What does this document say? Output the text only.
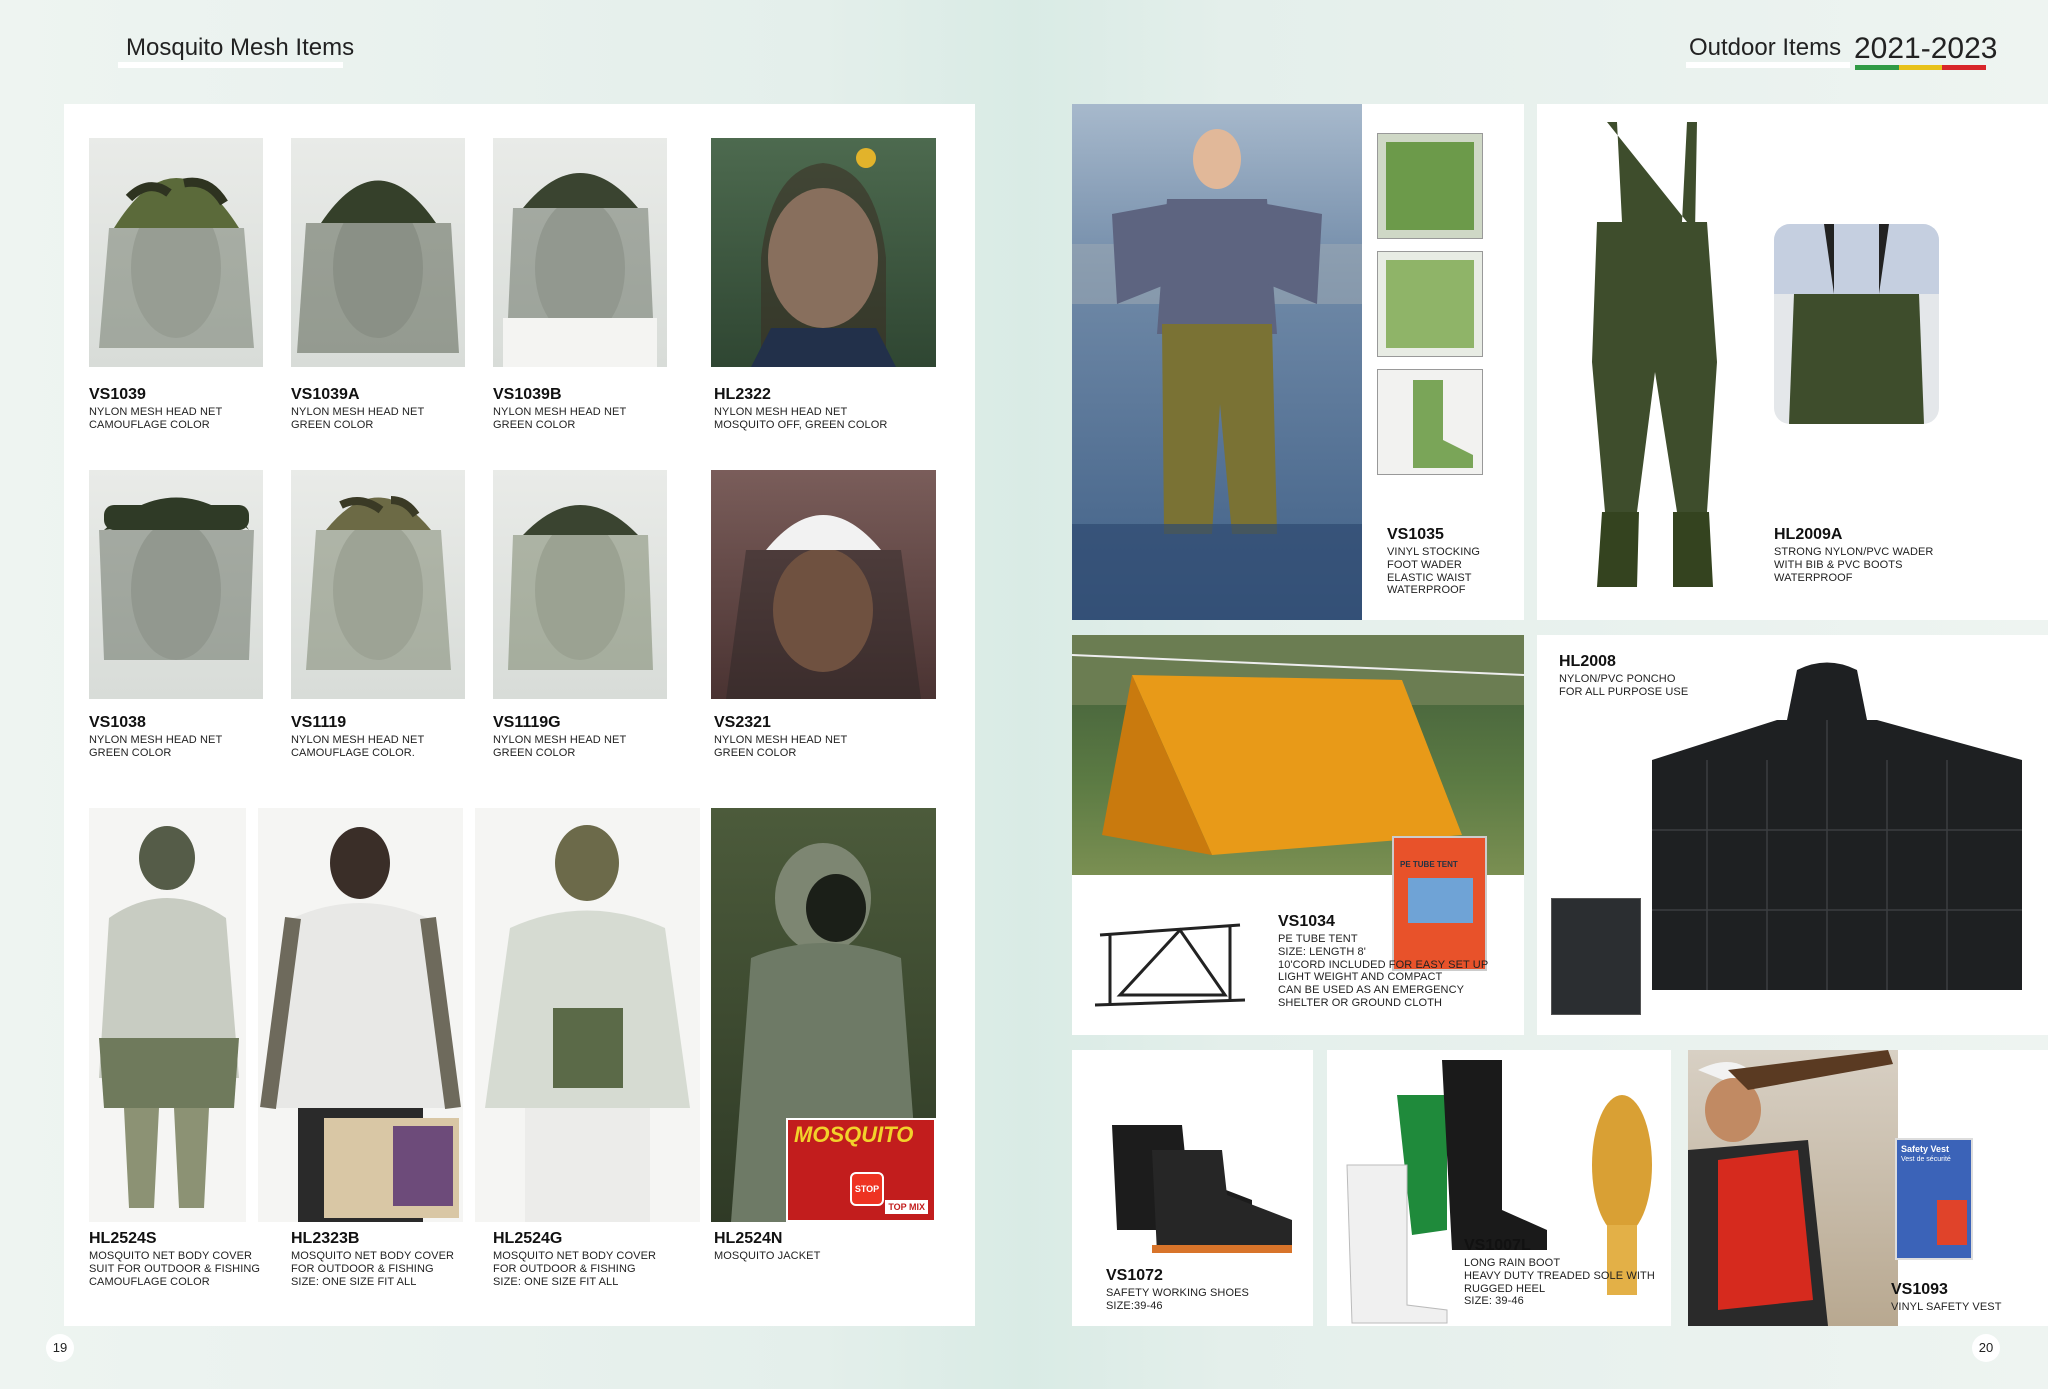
Mosquito Mesh Items	Outdoor Items 2021-2023
VS1039
NYLON MESH HEAD NET
CAMOUFLAGE COLOR
VS1039A
NYLON MESH HEAD NET
GREEN COLOR
VS1039B
NYLON MESH HEAD NET
GREEN COLOR
HL2322
NYLON MESH HEAD NET
MOSQUITO OFF, GREEN COLOR
VS1038
NYLON MESH HEAD NET
GREEN COLOR
VS1119
NYLON MESH HEAD NET
CAMOUFLAGE COLOR.
VS1119G
NYLON MESH HEAD NET
GREEN COLOR
VS2321
NYLON MESH HEAD NET
GREEN COLOR
MOSQUITO
STOP
TOP MIX
HL2524S
MOSQUITO NET BODY COVER
SUIT FOR OUTDOOR & FISHING
CAMOUFLAGE COLOR
HL2323B
MOSQUITO NET BODY COVER
FOR OUTDOOR & FISHING
SIZE: ONE SIZE FIT ALL
HL2524G
MOSQUITO NET BODY COVER
FOR OUTDOOR & FISHING
SIZE: ONE SIZE FIT ALL
HL2524N
MOSQUITO JACKET
19
VS1035
VINYL STOCKING
FOOT WADER
ELASTIC WAIST
WATERPROOF
HL2009A
STRONG NYLON/PVC WADER
WITH BIB & PVC BOOTS
WATERPROOF
PE TUBE TENT
VS1034
PE TUBE TENT
SIZE: LENGTH 8'
10'CORD INCLUDED FOR EASY SET UP
LIGHT WEIGHT AND COMPACT
CAN BE USED AS AN EMERGENCY
SHELTER OR GROUND CLOTH
HL2008
NYLON/PVC PONCHO
FOR ALL PURPOSE USE
VS1072
SAFETY WORKING SHOES
SIZE:39-46
VS1007L
LONG RAIN BOOT
HEAVY DUTY TREADED SOLE WITH
RUGGED HEEL
SIZE: 39-46
Safety Vest
Vest de sécurité
VS1093
VINYL SAFETY VEST
20
